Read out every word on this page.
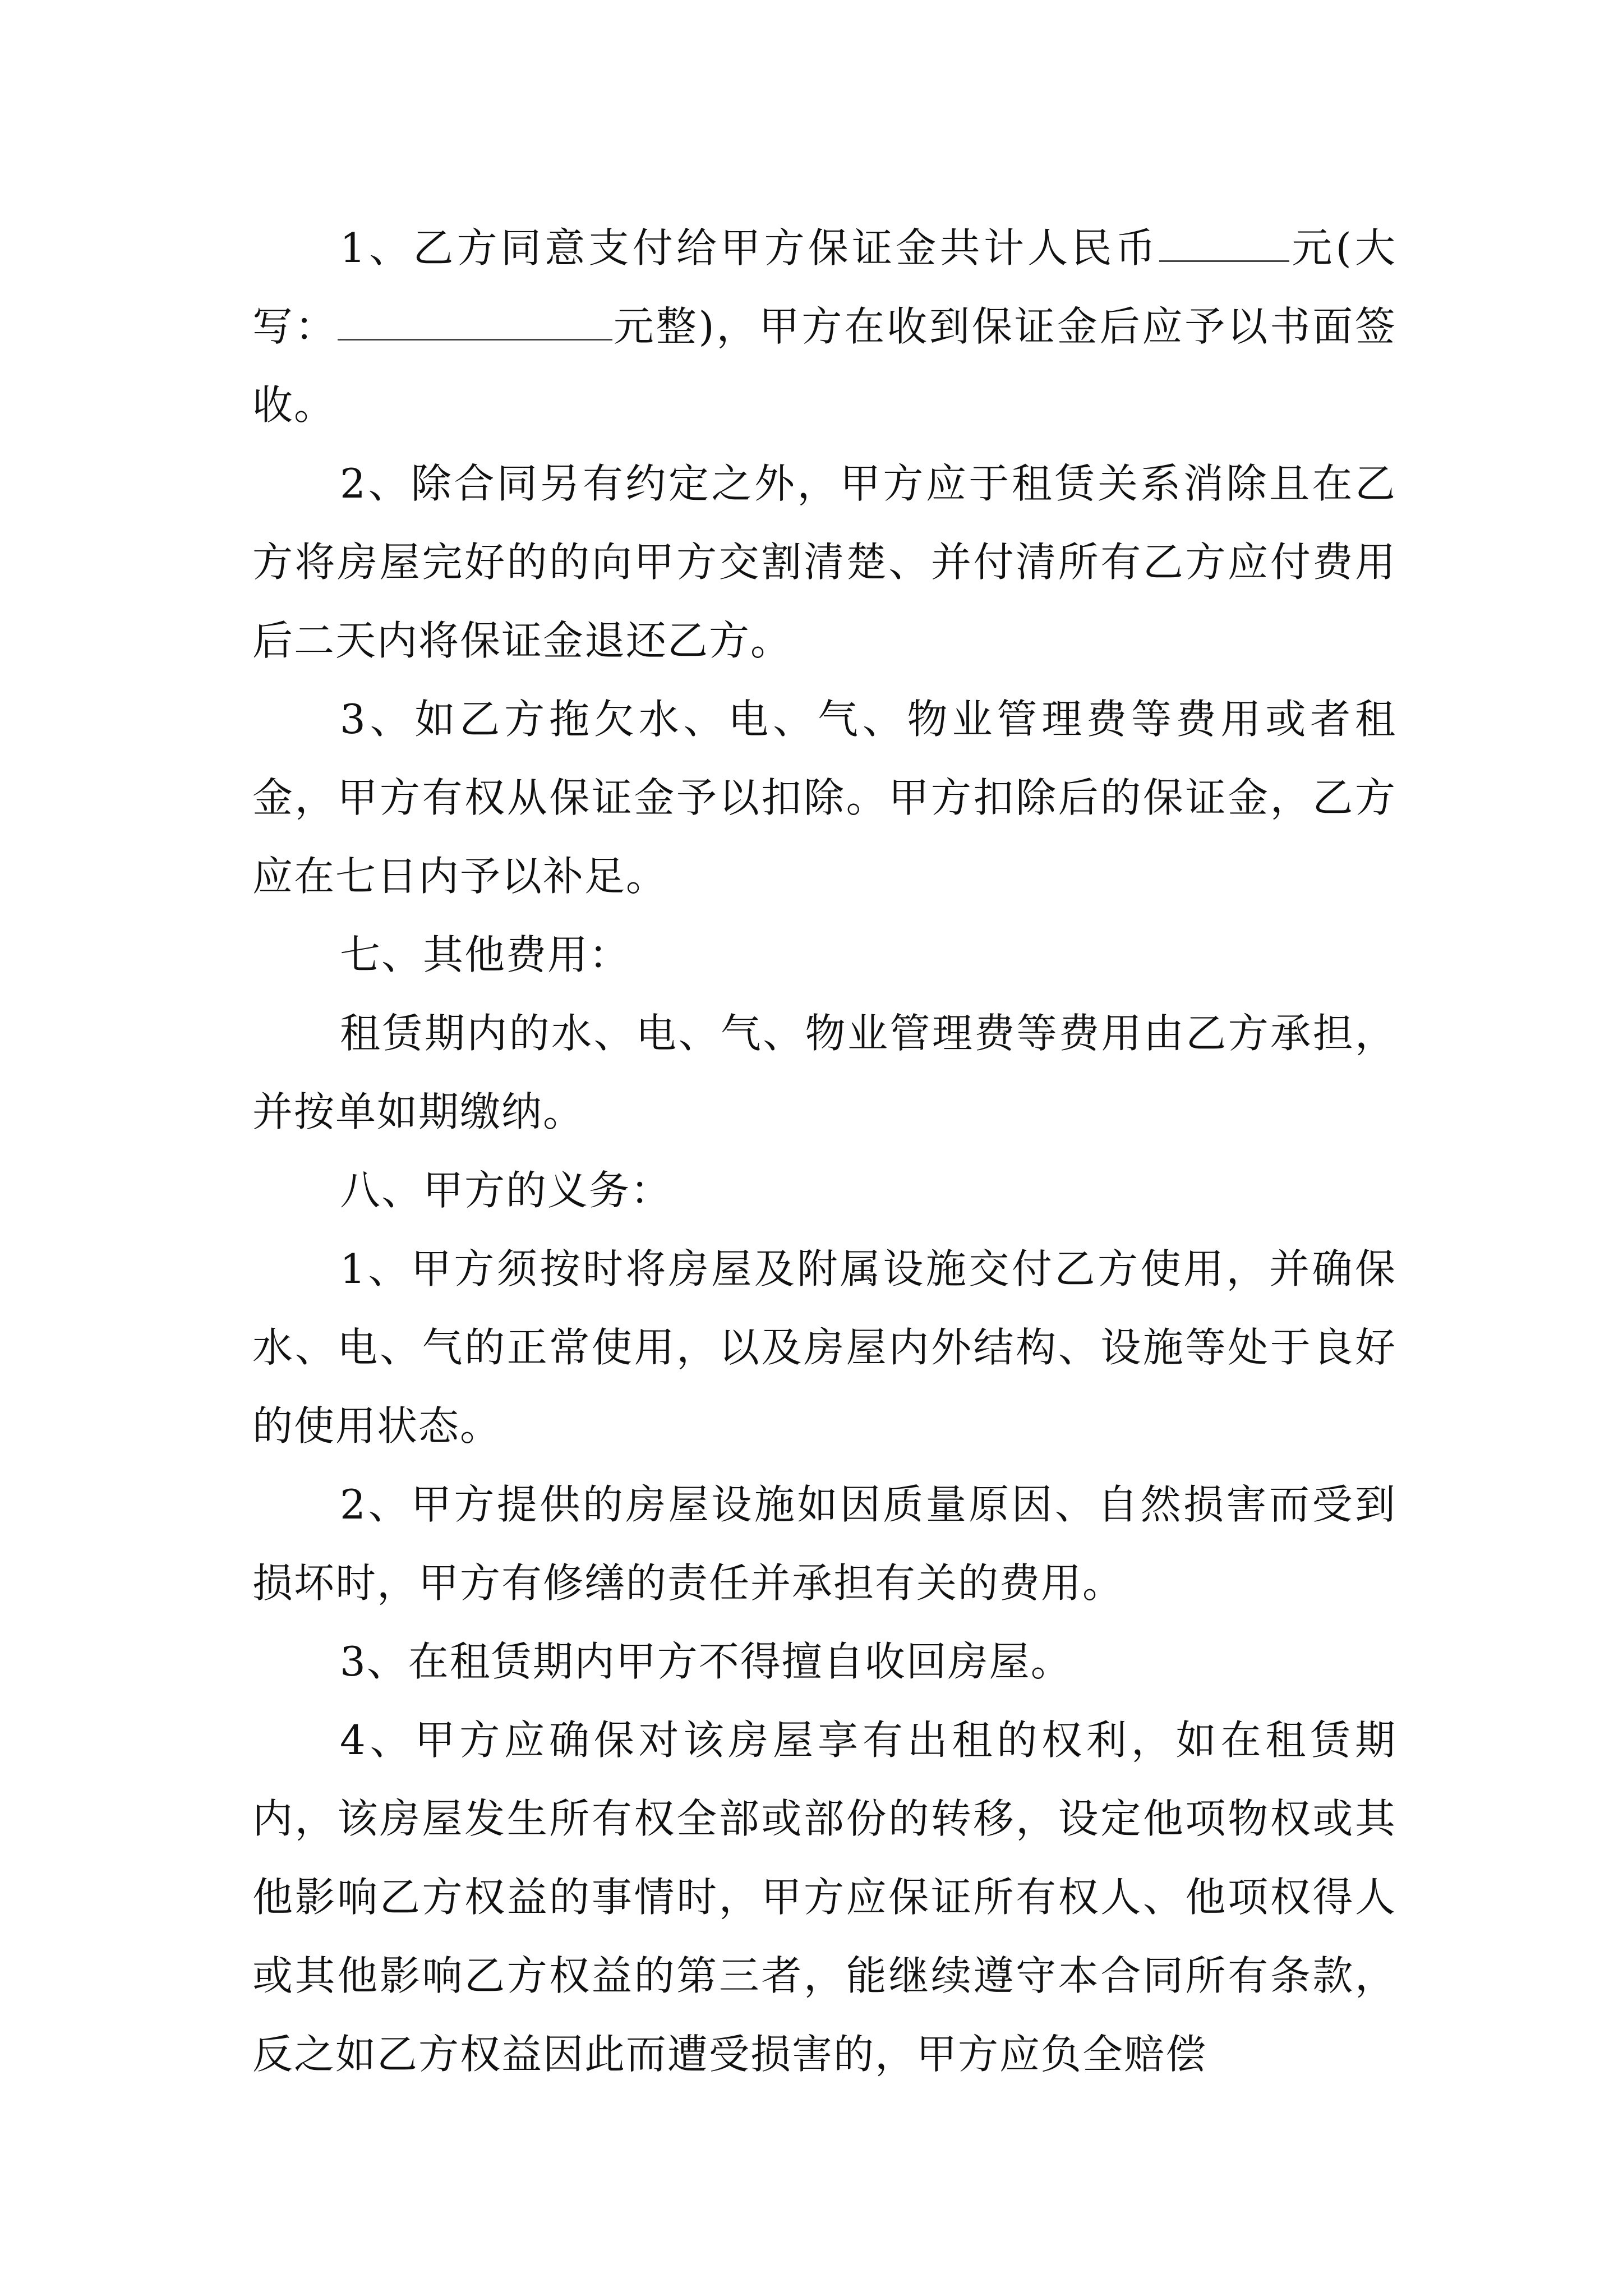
1、乙方同意支付给甲方保证金共计人民币	元(大写：	元整)，甲方在收到保证金后应予以书面签收。

2、除合同另有约定之外，甲方应于租赁关系消除且在乙方将房屋完好的的向甲方交割清楚、并付清所有乙方应付费用后二天内将保证金退还乙方。

3、如乙方拖欠水、电、气、物业管理费等费用或者租金，甲方有权从保证金予以扣除。甲方扣除后的保证金，乙方应在七日内予以补足。

七、其他费用：

租赁期内的水、电、气、物业管理费等费用由乙方承担，并按单如期缴纳。

八、甲方的义务：

1、甲方须按时将房屋及附属设施交付乙方使用，并确保水、电、气的正常使用，以及房屋内外结构、设施等处于良好的使用状态。

2、甲方提供的房屋设施如因质量原因、自然损害而受到损坏时，甲方有修缮的责任并承担有关的费用。

3、在租赁期内甲方不得擅自收回房屋。

4、甲方应确保对该房屋享有出租的权利，如在租赁期内，该房屋发生所有权全部或部份的转移，设定他项物权或其他影响乙方权益的事情时，甲方应保证所有权人、他项权得人或其他影响乙方权益的第三者，能继续遵守本合同所有条款，反之如乙方权益因此而遭受损害的，甲方应负全赔偿
